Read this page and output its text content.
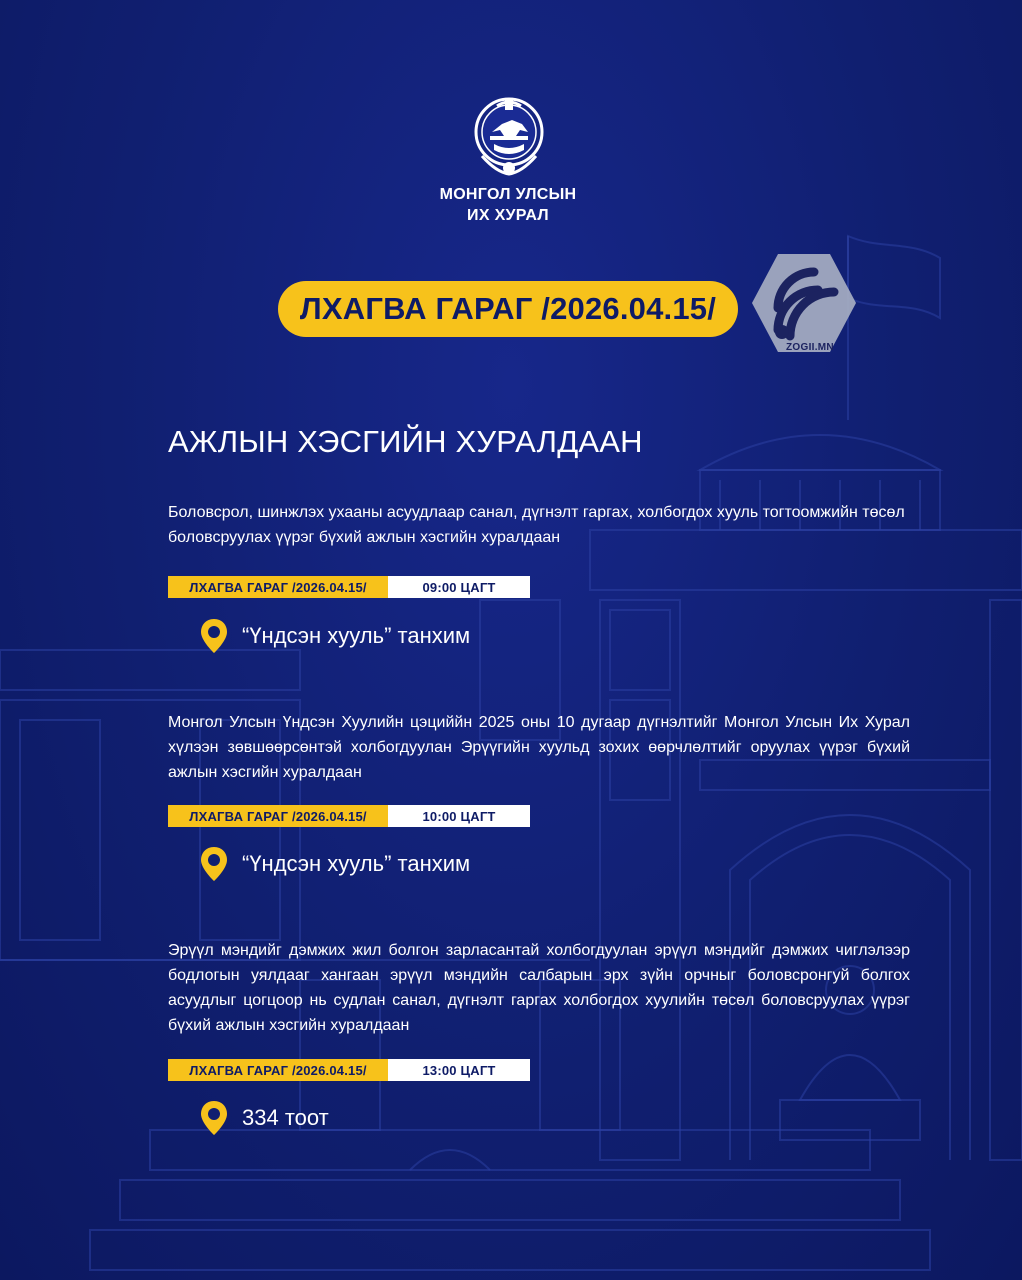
МОНГОЛ УЛСЫН
ИХ ХУРАЛ
ЛХАГВА ГАРАГ /2026.04.15/
ZOGII.MN
АЖЛЫН ХЭСГИЙН ХУРАЛДААН
Боловсрол, шинжлэх ухааны асуудлаар санал, дүгнэлт гаргах, холбогдох хууль тогтоомжийн төсөл боловсруулах үүрэг бүхий ажлын хэсгийн хуралдаан
ЛХАГВА ГАРАГ /2026.04.15/	09:00 ЦАГТ
“Үндсэн хууль” танхим
Монгол Улсын Үндсэн Хуулийн цэциййн 2025 оны 10 дугаар дүгнэлтийг Монгол Улсын Их Хурал хүлээн зөвшөөрсөнтэй холбогдуулан Эрүүгийн хуульд зохих өөрчлөлтийг оруулах үүрэг бүхий ажлын хэсгийн хуралдаан
ЛХАГВА ГАРАГ /2026.04.15/	10:00 ЦАГТ
“Үндсэн хууль” танхим
Эрүүл мэндийг дэмжих жил болгон зарласантай холбогдуулан эрүүл мэндийг дэмжих чиглэлээр бодлогын уялдааг хангаан эрүүл мэндийн салбарын эрх зүйн орчныг боловсронгуй болгох асуудлыг цогцоор нь судлан санал, дүгнэлт гаргах холбогдох хуулийн төсөл боловсруулах үүрэг бүхий ажлын хэсгийн хуралдаан
ЛХАГВА ГАРАГ /2026.04.15/	13:00 ЦАГТ
334 тоот
